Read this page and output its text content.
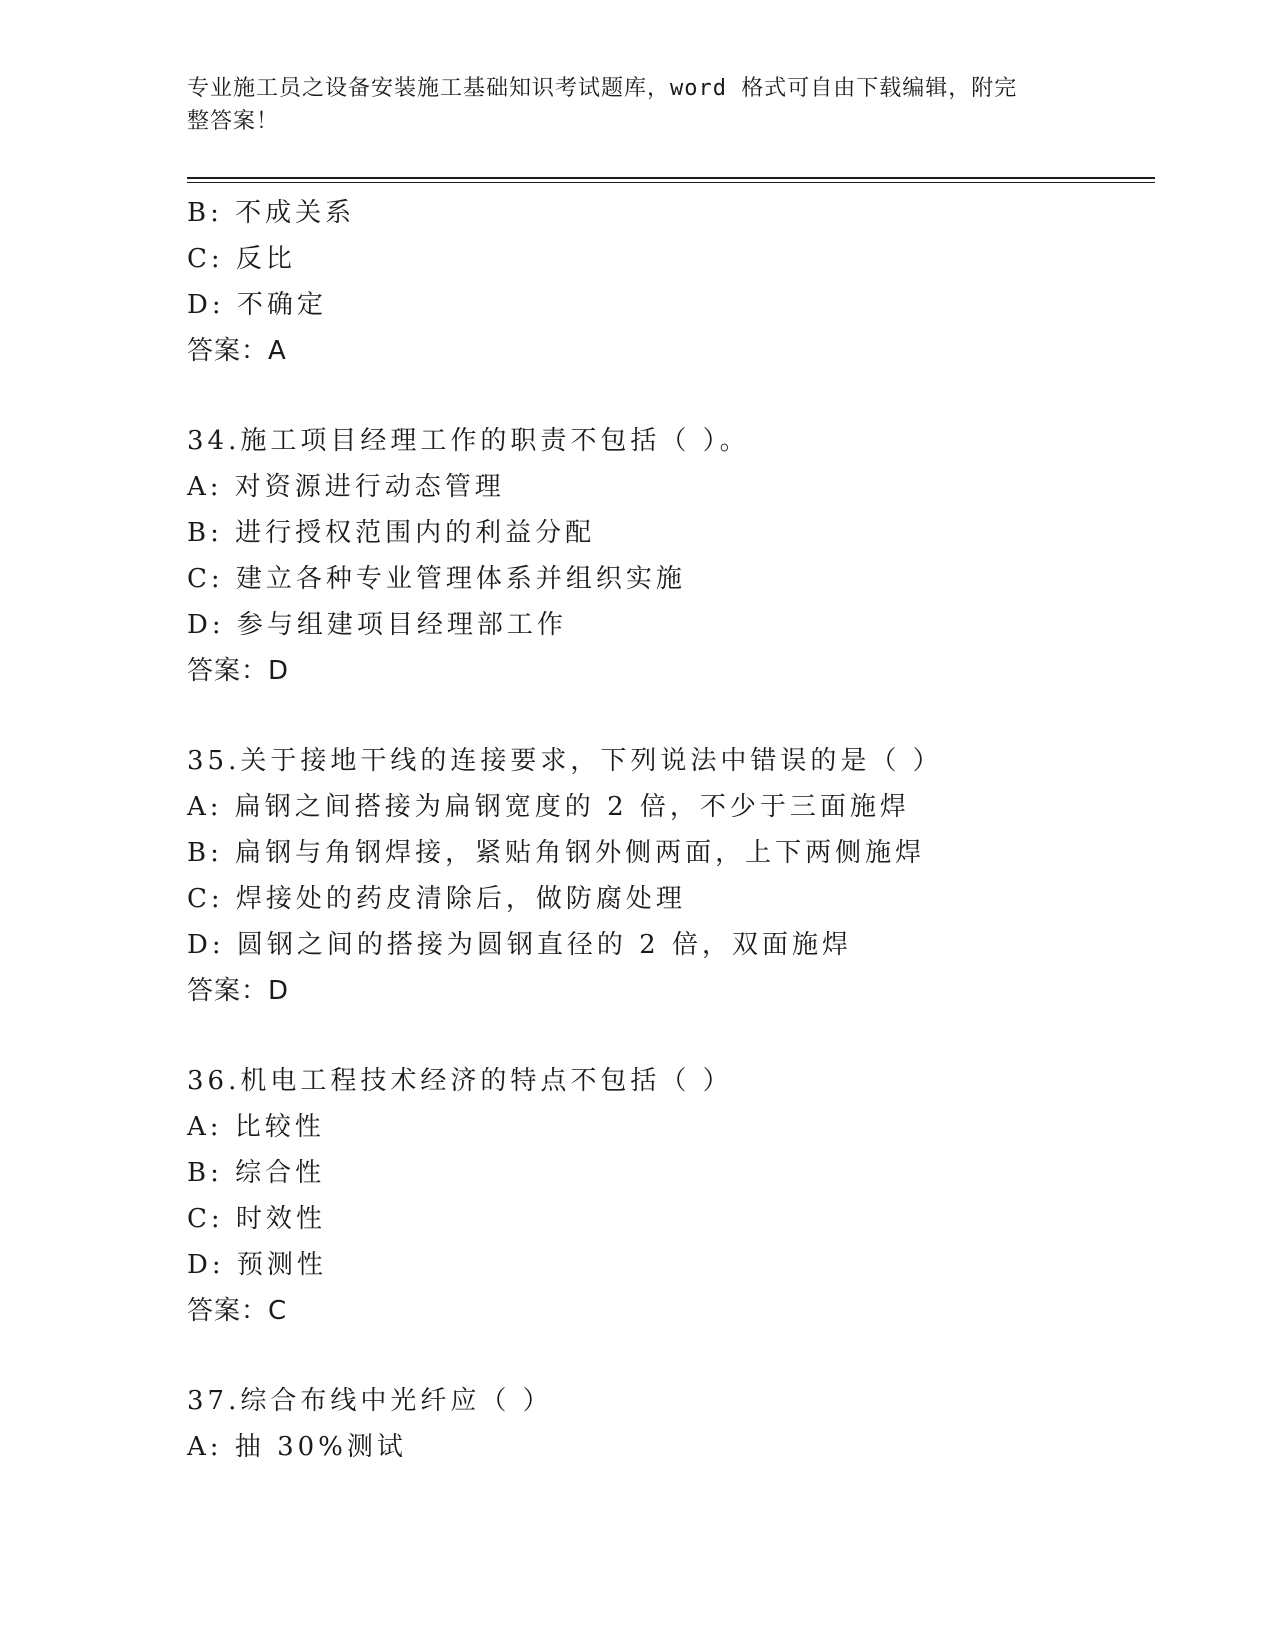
专业施工员之设备安装施工基础知识考试题库，word 格式可自由下载编辑，附完
整答案！
B: 不成关系
C: 反比
D: 不确定
答案：A
34.施工项目经理工作的职责不包括（ ）。
A: 对资源进行动态管理
B: 进行授权范围内的利益分配
C: 建立各种专业管理体系并组织实施
D: 参与组建项目经理部工作
答案：D
35.关于接地干线的连接要求，下列说法中错误的是（ ）
A: 扁钢之间搭接为扁钢宽度的 2 倍，不少于三面施焊
B: 扁钢与角钢焊接，紧贴角钢外侧两面，上下两侧施焊
C: 焊接处的药皮清除后，做防腐处理
D: 圆钢之间的搭接为圆钢直径的 2 倍，双面施焊
答案：D
36.机电工程技术经济的特点不包括（ ）
A: 比较性
B: 综合性
C: 时效性
D: 预测性
答案：C
37.综合布线中光纤应（ ）
A: 抽 30%测试
